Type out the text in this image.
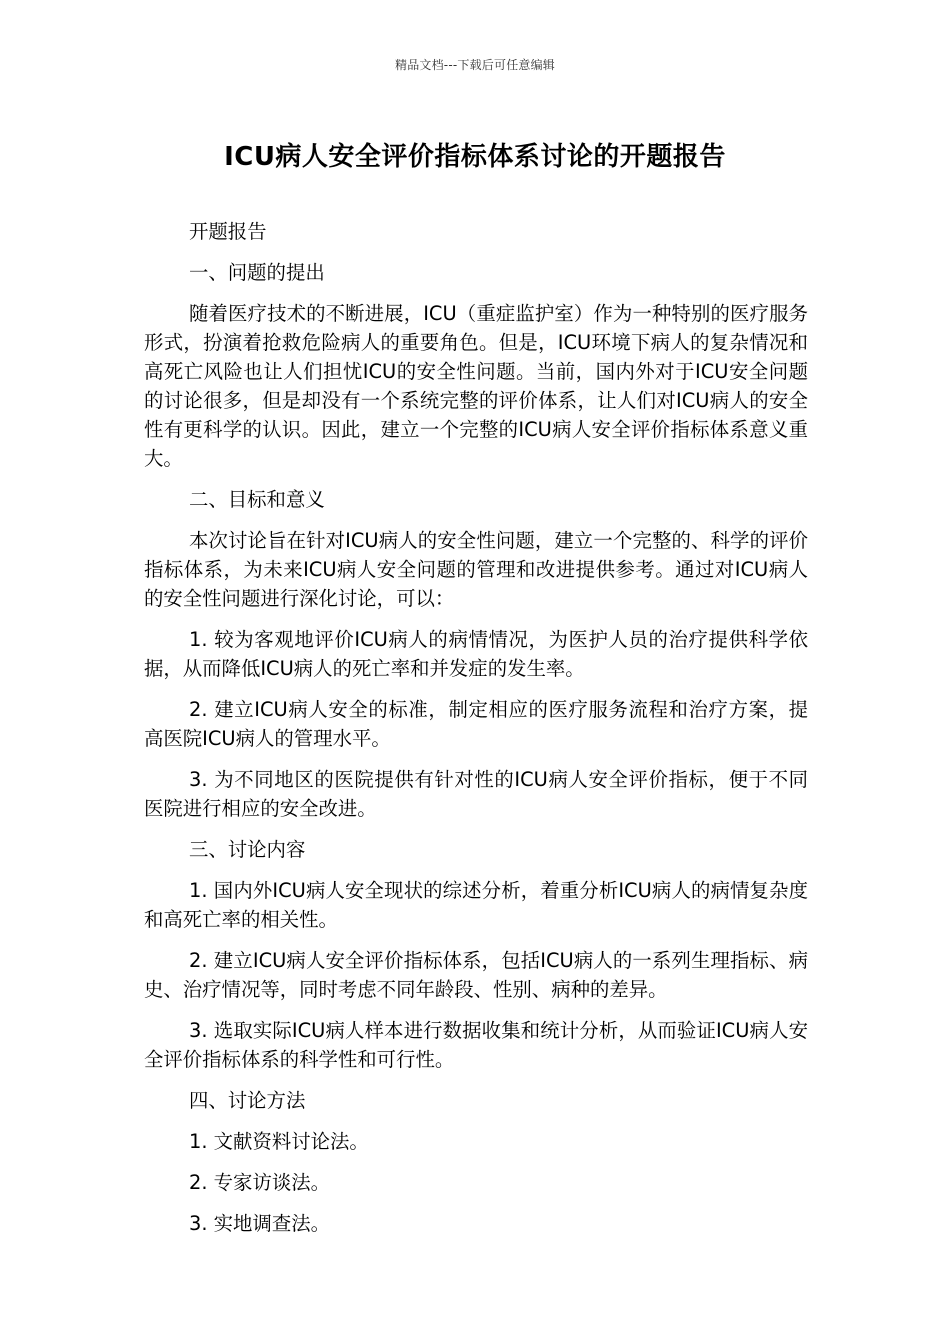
精品文档---下载后可任意编辑
ICU病人安全评价指标体系讨论的开题报告

开题报告

一、问题的提出

随着医疗技术的不断进展，ICU（重症监护室）作为一种特别的医疗服务形式，扮演着抢救危险病人的重要角色。但是，ICU环境下病人的复杂情况和高死亡风险也让人们担忧ICU的安全性问题。当前，国内外对于ICU安全问题的讨论很多，但是却没有一个系统完整的评价体系，让人们对ICU病人的安全性有更科学的认识。因此，建立一个完整的ICU病人安全评价指标体系意义重大。

二、目标和意义

本次讨论旨在针对ICU病人的安全性问题，建立一个完整的、科学的评价指标体系，为未来ICU病人安全问题的管理和改进提供参考。通过对ICU病人的安全性问题进行深化讨论，可以：

1. 较为客观地评价ICU病人的病情情况，为医护人员的治疗提供科学依据，从而降低ICU病人的死亡率和并发症的发生率。

2. 建立ICU病人安全的标准，制定相应的医疗服务流程和治疗方案，提高医院ICU病人的管理水平。

3. 为不同地区的医院提供有针对性的ICU病人安全评价指标，便于不同医院进行相应的安全改进。

三、讨论内容

1. 国内外ICU病人安全现状的综述分析，着重分析ICU病人的病情复杂度和高死亡率的相关性。

2. 建立ICU病人安全评价指标体系，包括ICU病人的一系列生理指标、病史、治疗情况等，同时考虑不同年龄段、性别、病种的差异。

3. 选取实际ICU病人样本进行数据收集和统计分析，从而验证ICU病人安全评价指标体系的科学性和可行性。

四、讨论方法

1. 文献资料讨论法。

2. 专家访谈法。

3. 实地调查法。
